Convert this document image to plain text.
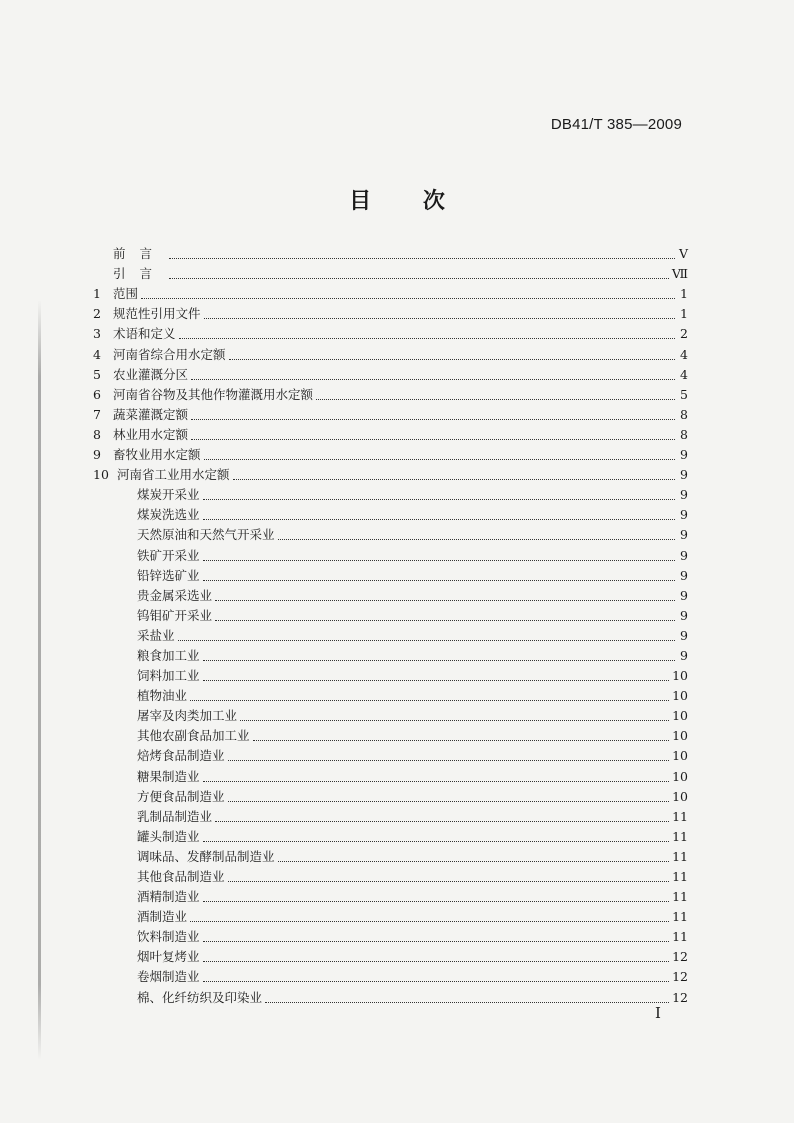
DB41/T 385—2009
目 次
前言	V
引言	Ⅶ
1 范围	1
2 规范性引用文件	1
3 术语和定义	2
4 河南省综合用水定额	4
5 农业灌溉分区	4
6 河南省谷物及其他作物灌溉用水定额	5
7 蔬菜灌溉定额	8
8 林业用水定额	8
9 畜牧业用水定额	9
10 河南省工业用水定额	9
煤炭开采业	9
煤炭洗选业	9
天然原油和天然气开采业	9
铁矿开采业	9
铅锌选矿业	9
贵金属采选业	9
钨钼矿开采业	9
采盐业	9
粮食加工业	9
饲料加工业	10
植物油业	10
屠宰及肉类加工业	10
其他农副食品加工业	10
焙烤食品制造业	10
糖果制造业	10
方便食品制造业	10
乳制品制造业	11
罐头制造业	11
调味品、发酵制品制造业	11
其他食品制造业	11
酒精制造业	11
酒制造业	11
饮料制造业	11
烟叶复烤业	12
卷烟制造业	12
棉、化纤纺织及印染业	12
I
